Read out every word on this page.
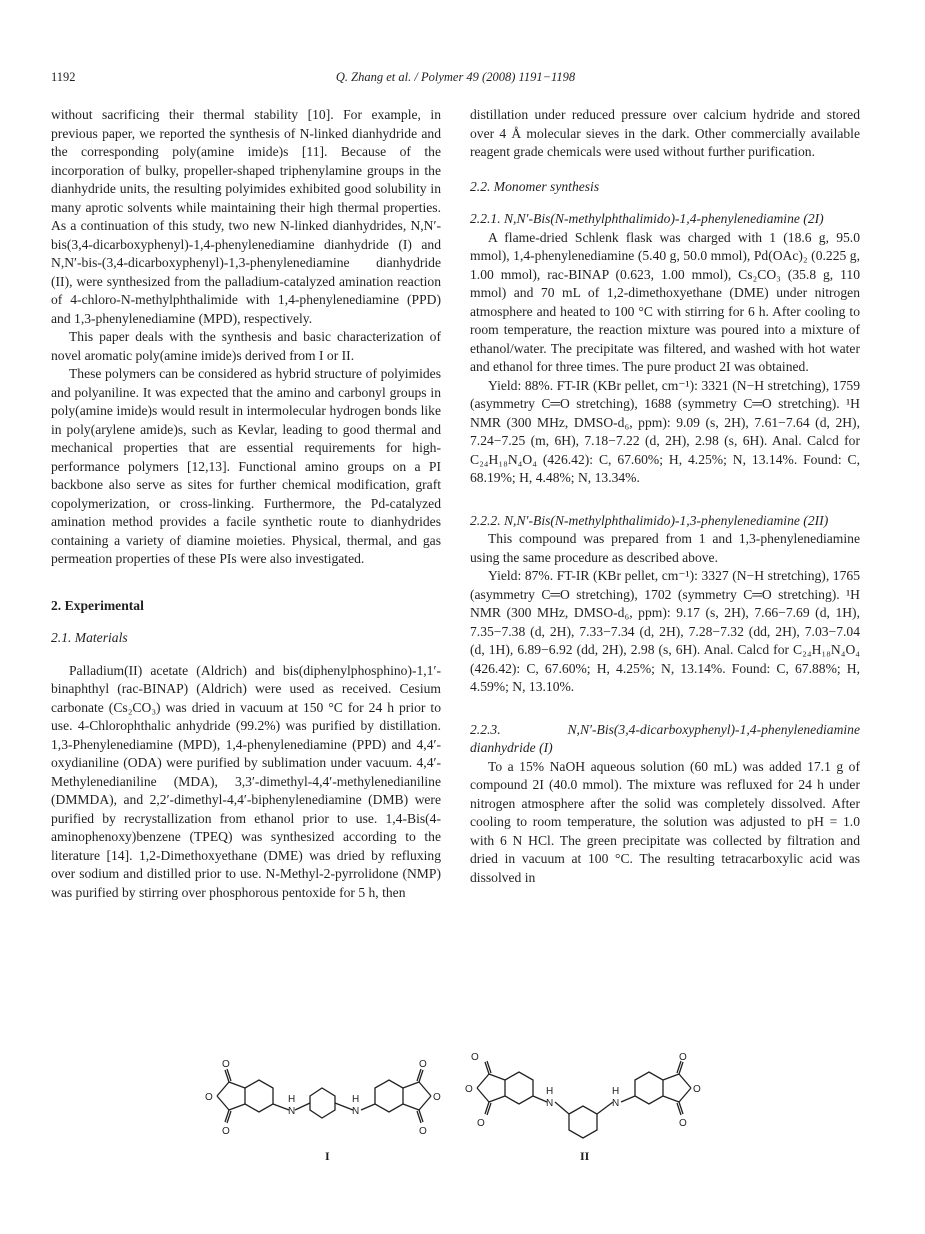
1192	Q. Zhang et al. / Polymer 49 (2008) 1191−1198

without sacrificing their thermal stability [10]. For example, in previous paper, we reported the synthesis of N-linked dianhydride and the corresponding poly(amine imide)s [11]. Because of the incorporation of bulky, propeller-shaped triphenylamine groups in the dianhydride units, the resulting polyimides exhibited good solubility in many aprotic solvents while maintaining their high thermal properties. As a continuation of this study, two new N-linked dianhydrides, N,N′-bis(3,4-dicarboxyphenyl)-1,4-phenylenediamine dianhydride (I) and N,N′-bis-(3,4-dicarboxyphenyl)-1,3-phenylenediamine dianhydride (II), were synthesized from the palladium-catalyzed amination reaction of 4-chloro-N-methylphthalimide with 1,4-phenylenediamine (PPD) and 1,3-phenylenediamine (MPD), respectively.

This paper deals with the synthesis and basic characterization of novel aromatic poly(amine imide)s derived from I or II.

These polymers can be considered as hybrid structure of polyimides and polyaniline. It was expected that the amino and carbonyl groups in poly(amine imide)s would result in intermolecular hydrogen bonds like in poly(arylene amide)s, such as Kevlar, leading to good thermal and mechanical properties that are essential requirements for high-performance polymers [12,13]. Functional amino groups on a PI backbone also serve as sites for further chemical modification, graft copolymerization, or cross-linking. Furthermore, the Pd-catalyzed amination method provides a facile synthetic route to dianhydrides containing a variety of diamine moieties. Physical, thermal, and gas permeation properties of these PIs were also investigated.

2. Experimental
2.1. Materials

Palladium(II) acetate (Aldrich) and bis(diphenylphosphino)-1,1′-binaphthyl (rac-BINAP) (Aldrich) were used as received. Cesium carbonate (Cs₂CO₃) was dried in vacuum at 150 °C for 24 h prior to use. 4-Chlorophthalic anhydride (99.2%) was purified by distillation. 1,3-Phenylenediamine (MPD), 1,4-phenylenediamine (PPD) and 4,4′-oxydianiline (ODA) were purified by sublimation under vacuum. 4,4′-Methylenedianiline (MDA), 3,3′-dimethyl-4,4′-methylenedianiline (DMMDA), and 2,2′-dimethyl-4,4′-biphenylenediamine (DMB) were purified by recrystallization from ethanol prior to use. 1,4-Bis(4-aminophenoxy)benzene (TPEQ) was synthesized according to the literature [14]. 1,2-Dimethoxyethane (DME) was dried by refluxing over sodium and distilled prior to use. N-Methyl-2-pyrrolidone (NMP) was purified by stirring over phosphorous pentoxide for 5 h, then

distillation under reduced pressure over calcium hydride and stored over 4 Å molecular sieves in the dark. Other commercially available reagent grade chemicals were used without further purification.

2.2. Monomer synthesis
2.2.1. N,N′-Bis(N-methylphthalimido)-1,4-phenylenediamine (2I)

A flame-dried Schlenk flask was charged with 1 (18.6 g, 95.0 mmol), 1,4-phenylenediamine (5.40 g, 50.0 mmol), Pd(OAc)₂ (0.225 g, 1.00 mmol), rac-BINAP (0.623, 1.00 mmol), Cs₂CO₃ (35.8 g, 110 mmol) and 70 mL of 1,2-dimethoxyethane (DME) under nitrogen atmosphere and heated to 100 °C with stirring for 6 h. After cooling to room temperature, the reaction mixture was poured into a mixture of ethanol/water. The precipitate was filtered, and washed with hot water and ethanol for three times. The pure product 2I was obtained.

Yield: 88%. FT-IR (KBr pellet, cm⁻¹): 3321 (N−H stretching), 1759 (asymmetry C═O stretching), 1688 (symmetry C═O stretching). ¹H NMR (300 MHz, DMSO-d₆, ppm): 9.09 (s, 2H), 7.61−7.64 (d, 2H), 7.24−7.25 (m, 6H), 7.18−7.22 (d, 2H), 2.98 (s, 6H). Anal. Calcd for C₂₄H₁₈N₄O₄ (426.42): C, 67.60%; H, 4.25%; N, 13.14%. Found: C, 68.19%; H, 4.48%; N, 13.34%.

2.2.2. N,N′-Bis(N-methylphthalimido)-1,3-phenylenediamine (2II)

This compound was prepared from 1 and 1,3-phenylenediamine using the same procedure as described above.

Yield: 87%. FT-IR (KBr pellet, cm⁻¹): 3327 (N−H stretching), 1765 (asymmetry C═O stretching), 1702 (symmetry C═O stretching). ¹H NMR (300 MHz, DMSO-d₆, ppm): 9.17 (s, 2H), 7.66−7.69 (d, 1H), 7.35−7.38 (d, 2H), 7.33−7.34 (d, 2H), 7.28−7.32 (dd, 2H), 7.03−7.04 (d, 1H), 6.89−6.92 (dd, 2H), 2.98 (s, 6H). Anal. Calcd for C₂₄H₁₈N₄O₄ (426.42): C, 67.60%; H, 4.25%; N, 13.14%. Found: C, 67.88%; H, 4.59%; N, 13.10%.

2.2.3. N,N′-Bis(3,4-dicarboxyphenyl)-1,4-phenylenediamine dianhydride (I)

To a 15% NaOH aqueous solution (60 mL) was added 17.1 g of compound 2I (40.0 mmol). The mixture was refluxed for 24 h under nitrogen atmosphere after the solid was completely dissolved. After cooling to room temperature, the solution was adjusted to pH = 1.0 with 6 N HCl. The green precipitate was collected by filtration and dried in vacuum at 100 °C. The resulting tetracarboxylic acid was dissolved in

O
O
O
N
H
N
H
O
O
O
I
O
O
O
N
H
N
H
O
O
O
II
